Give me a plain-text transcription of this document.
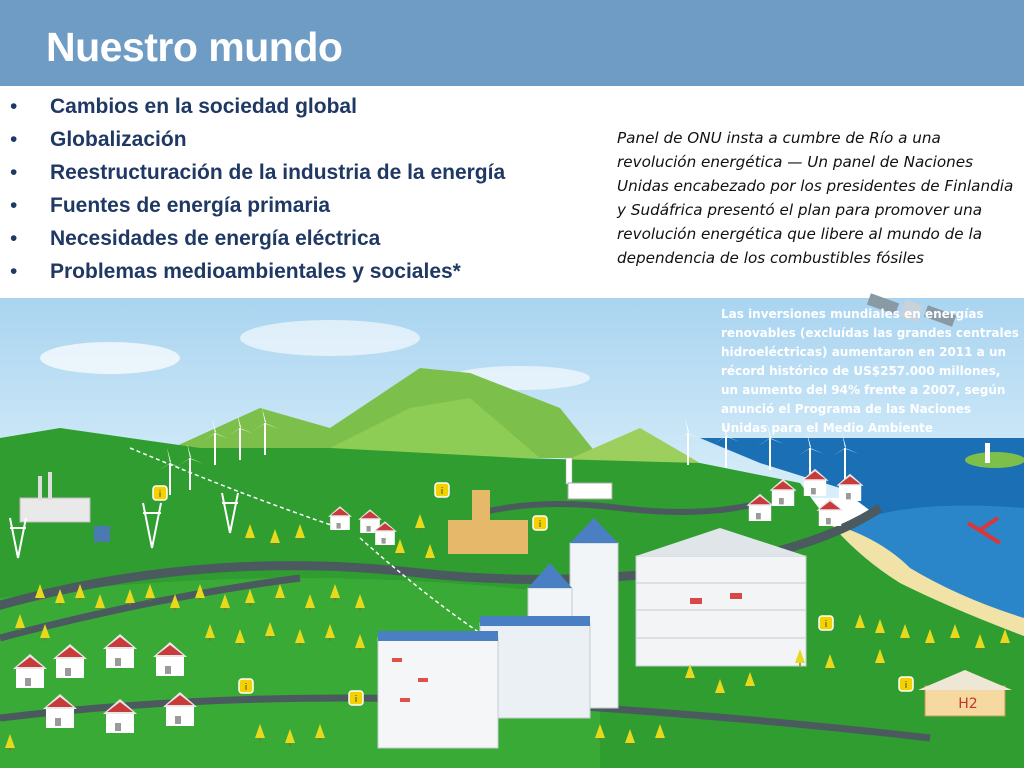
Nuestro mundo
• Cambios en la sociedad global
• Globalización
• Reestructuración de la industria de la energía
• Fuentes de energía primaria
• Necesidades de energía eléctrica
• Problemas medioambientales y sociales*
Panel de ONU insta a cumbre de Río a una revolución energética — Un panel de Naciones Unidas encabezado por los presidentes de Finlandia y Sudáfrica presentó el plan para promover una revolución energética que libere al mundo de la dependencia de los combustibles fósiles
H2
Las inversiones mundiales en energías renovables (excluídas las grandes centrales hidroeléctricas) aumentaron en 2011 a un récord histórico de US$257.000 millones, un aumento del 94% frente a 2007, según anunció el Programa de las Naciones Unidas para el Medio Ambiente
